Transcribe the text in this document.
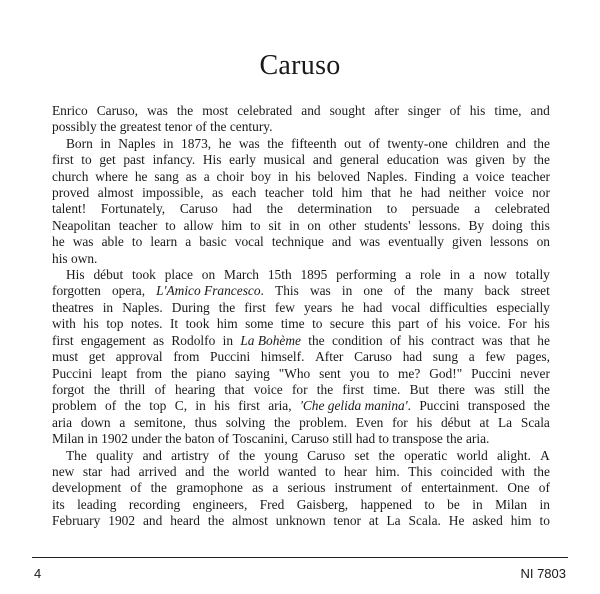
Caruso
Enrico Caruso, was the most celebrated and sought after singer of his time, and
possibly
the
greatest
tenor
of
the
century.
Born in Naples in 1873, he was the fifteenth out of twenty-one children and the
first to get past infancy. His early musical and general education was given by the
church where he sang as a choir boy in his beloved Naples. Finding a voice teacher
proved almost impossible, as each teacher told him that he had neither voice nor
talent! Fortunately, Caruso had the determination to persuade a celebrated
Neapolitan teacher to allow him to sit in on other students' lessons. By doing this
he was able to learn a basic vocal technique and was eventually given lessons on
his
own.
His début took place on March 15th 1895 performing a role in a now totally
forgotten opera, L'Amico Francesco. This was in one of the many back street
theatres in Naples. During the first few years he had vocal difficulties especially
with his top notes. It took him some time to secure this part of his voice. For his
first engagement as Rodolfo in La Bohème the condition of his contract was that he
must get approval from Puccini himself. After Caruso had sung a few pages,
Puccini leapt from the piano saying "Who sent you to me? God!" Puccini never
forgot the thrill of hearing that voice for the first time. But there was still the
problem of the top C, in his first aria, 'Che gelida manina'. Puccini transposed the
aria down a semitone, thus solving the problem. Even for his début at La Scala
Milan
in
1902
under
the
baton
of
Toscanini,
Caruso
still
had
to
transpose
the
aria.
The quality and artistry of the young Caruso set the operatic world alight. A
new star had arrived and the world wanted to hear him. This coincided with the
development of the gramophone as a serious instrument of entertainment. One of
its leading recording engineers, Fred Gaisberg, happened to be in Milan in
February 1902 and heard the almost unknown tenor at La Scala. He asked him to
4	NI 7803
